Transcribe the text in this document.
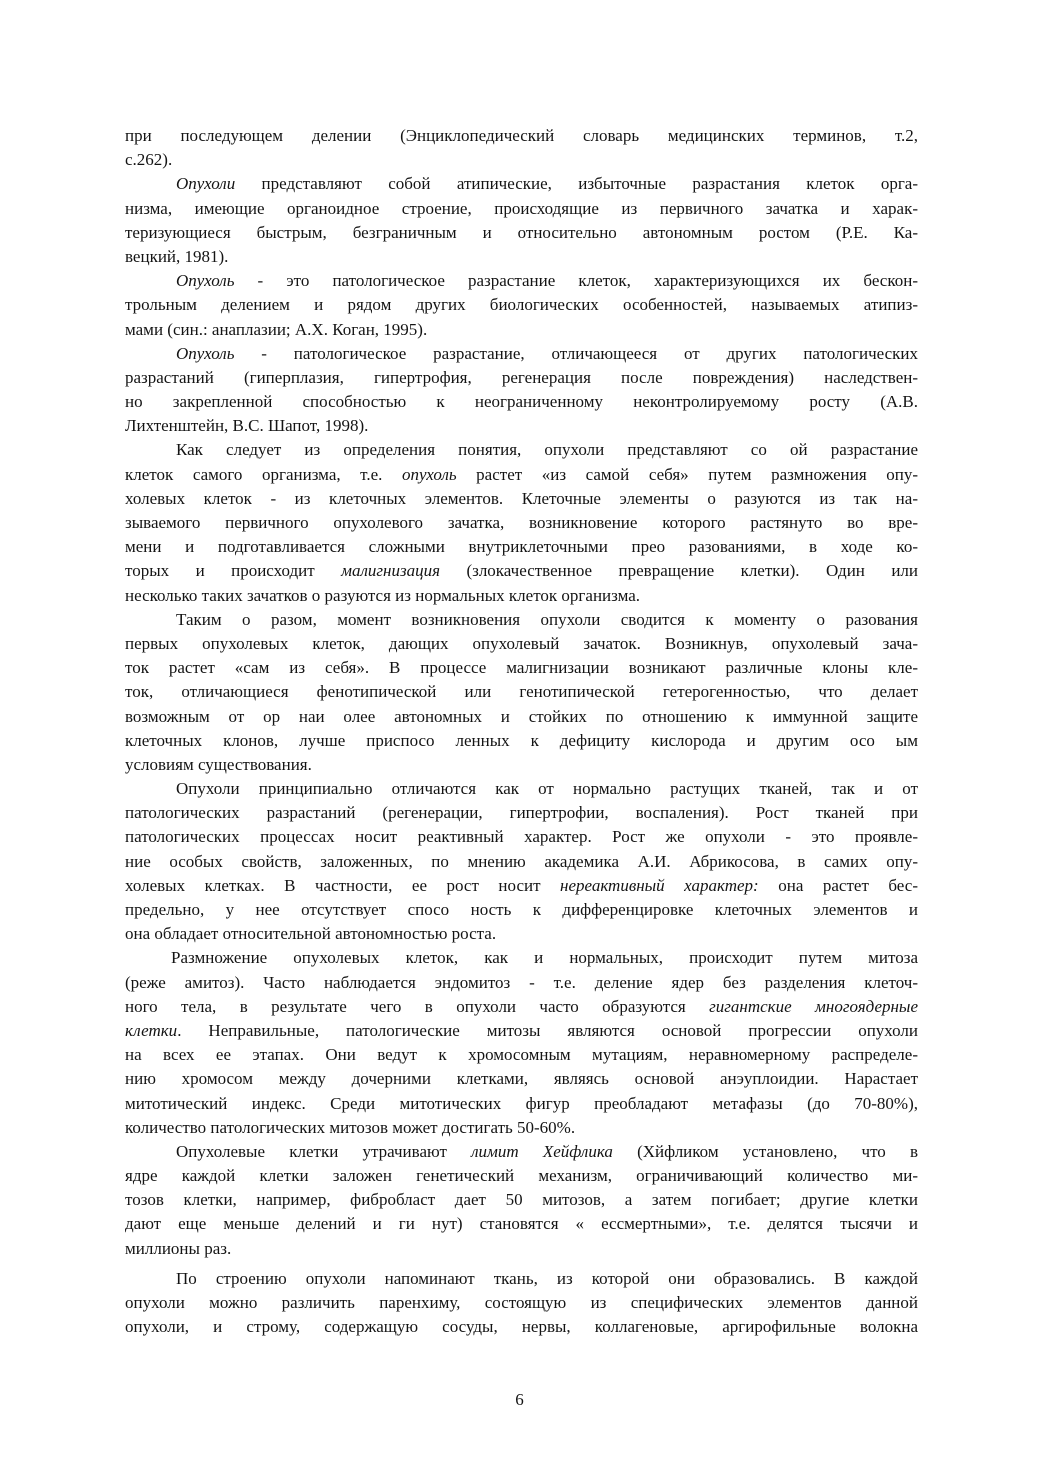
при последующем делении (Энциклопедический словарь медицинских терминов, т.2,
с.262).

Опухоли представляют собой атипические, избыточные разрастания клеток орга-
низма, имеющие органоидное строение, происходящие из первичного зачатка и харак-
теризующиеся быстрым, безграничным и относительно автономным ростом (Р.Е. Ка-
вецкий, 1981).

Опухоль - это патологическое разрастание клеток, характеризующихся их бескон-
трольным делением и рядом других биологических особенностей, называемых атипиз-
мами (син.: анаплазии; А.Х. Коган, 1995).

Опухоль - патологическое разрастание, отличающееся от других патологических
разрастаний (гиперплазия, гипертрофия, регенерация после повреждения) наследствен-
но закрепленной способностью к неограниченному неконтролируемому росту (А.В.
Лихтенштейн, В.С. Шапот, 1998).

Как следует из определения понятия, опухоли представляют со ой разрастание
клеток самого организма, т.е. опухоль растет «из самой себя» путем размножения опу-
холевых клеток - из клеточных элементов. Клеточные элементы о разуются из так на-
зываемого первичного опухолевого зачатка, возникновение которого растянуто во вре-
мени и подготавливается сложными внутриклеточными прео разованиями, в ходе ко-
торых и происходит малигнизация (злокачественное превращение клетки). Один или
несколько таких зачатков о разуются из нормальных клеток организма.

Таким о разом, момент возникновения опухоли сводится к моменту о разования
первых опухолевых клеток, дающих опухолевый зачаток. Возникнув, опухолевый зача-
ток растет «сам из себя». В процессе малигнизации возникают различные клоны кле-
ток, отличающиеся фенотипической или генотипической гетерогенностью, что делает
возможным от ор наи олее автономных и стойких по отношению к иммунной защите
клеточных клонов, лучше приспосо ленных к дефициту кислорода и другим осо ым
условиям существования.

Опухоли принципиально отличаются как от нормально растущих тканей, так и от
патологических разрастаний (регенерации, гипертрофии, воспаления). Рост тканей при
патологических процессах носит реактивный характер. Рост же опухоли - это проявле-
ние особых свойств, заложенных, по мнению академика А.И. Абрикосова, в самих опу-
холевых клетках. В частности, ее рост носит нереактивный характер: она растет бес-
предельно, у нее отсутствует спосо ность к дифференцировке клеточных элементов и
она обладает относительной автономностью роста.

Размножение опухолевых клеток, как и нормальных, происходит путем митоза
(реже амитоз). Часто наблюдается эндомитоз - т.е. деление ядер без разделения клеточ-
ного тела, в результате чего в опухоли часто образуются гигантские многоядерные
клетки. Неправильные, патологические митозы являются основой прогрессии опухоли
на всех ее этапах. Они ведут к хромосомным мутациям, неравномерному распределе-
нию хромосом между дочерними клетками, являясь основой анэуплоидии. Нарастает
митотический индекс. Среди митотических фигур преобладают метафазы (до 70-80%),
количество патологических митозов может достигать 50-60%.

Опухолевые клетки утрачивают лимит Хейфлика (Хйфликом установлено, что в
ядре каждой клетки заложен генетический механизм, ограничивающий количество ми-
тозов клетки, например, фибробласт дает 50 митозов, а затем погибает; другие клетки
дают еще меньше делений и ги нут) становятся « ессмертными», т.е. делятся тысячи и
миллионы раз.

По строению опухоли напоминают ткань, из которой они образовались. В каждой
опухоли можно различить паренхиму, состоящую из специфических элементов данной
опухоли, и строму, содержащую сосуды, нервы, коллагеновые, аргирофильные волокна

6
